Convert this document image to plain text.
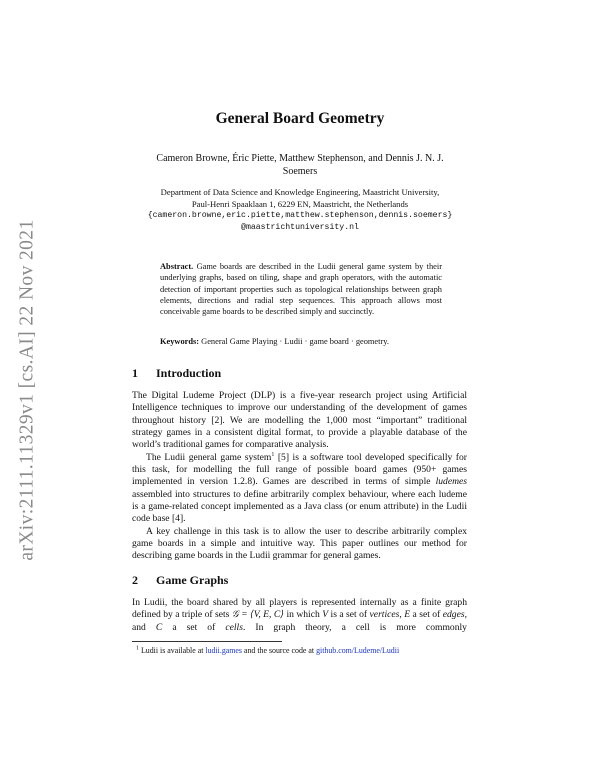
arXiv:2111.11329v1 [cs.AI] 22 Nov 2021
General Board Geometry
Cameron Browne, Éric Piette, Matthew Stephenson, and Dennis J. N. J. Soemers
Department of Data Science and Knowledge Engineering, Maastricht University,
Paul-Henri Spaaklaan 1, 6229 EN, Maastricht, the Netherlands
{cameron.browne,eric.piette,matthew.stephenson,dennis.soemers}
@maastrichtuniversity.nl
Abstract. Game boards are described in the Ludii general game system by their underlying graphs, based on tiling, shape and graph operators, with the automatic detection of important properties such as topological relationships between graph elements, directions and radial step sequences. This approach allows most conceivable game boards to be described simply and succinctly.
Keywords: General Game Playing · Ludii · game board · geometry.
1 Introduction

The Digital Ludeme Project (DLP) is a five-year research project using Artificial Intelligence techniques to improve our understanding of the development of games throughout history [2]. We are modelling the 1,000 most “important” traditional strategy games in a consistent digital format, to provide a playable database of the world’s traditional games for comparative analysis.

The Ludii general game system$^1$ [5] is a software tool developed specifically for this task, for modelling the full range of possible board games (950+ games implemented in version 1.2.8). Games are described in terms of simple ludemes assembled into structures to define arbitrarily complex behaviour, where each ludeme is a game-related concept implemented as a Java class (or enum attribute) in the Ludii code base [4].

A key challenge in this task is to allow the user to describe arbitrarily complex game boards in a simple and intuitive way. This paper outlines our method for describing game boards in the Ludii grammar for general games.

2 Game Graphs

In Ludii, the board shared by all players is represented internally as a finite graph defined by a triple of sets 𝒢 = ⟨V, E, C⟩ in which V is a set of vertices, E a set of edges, and C a set of cells. In graph theory, a cell is more commonly

$^1$ Ludii is available at ludii.games and the source code at github.com/Ludeme/Ludii
